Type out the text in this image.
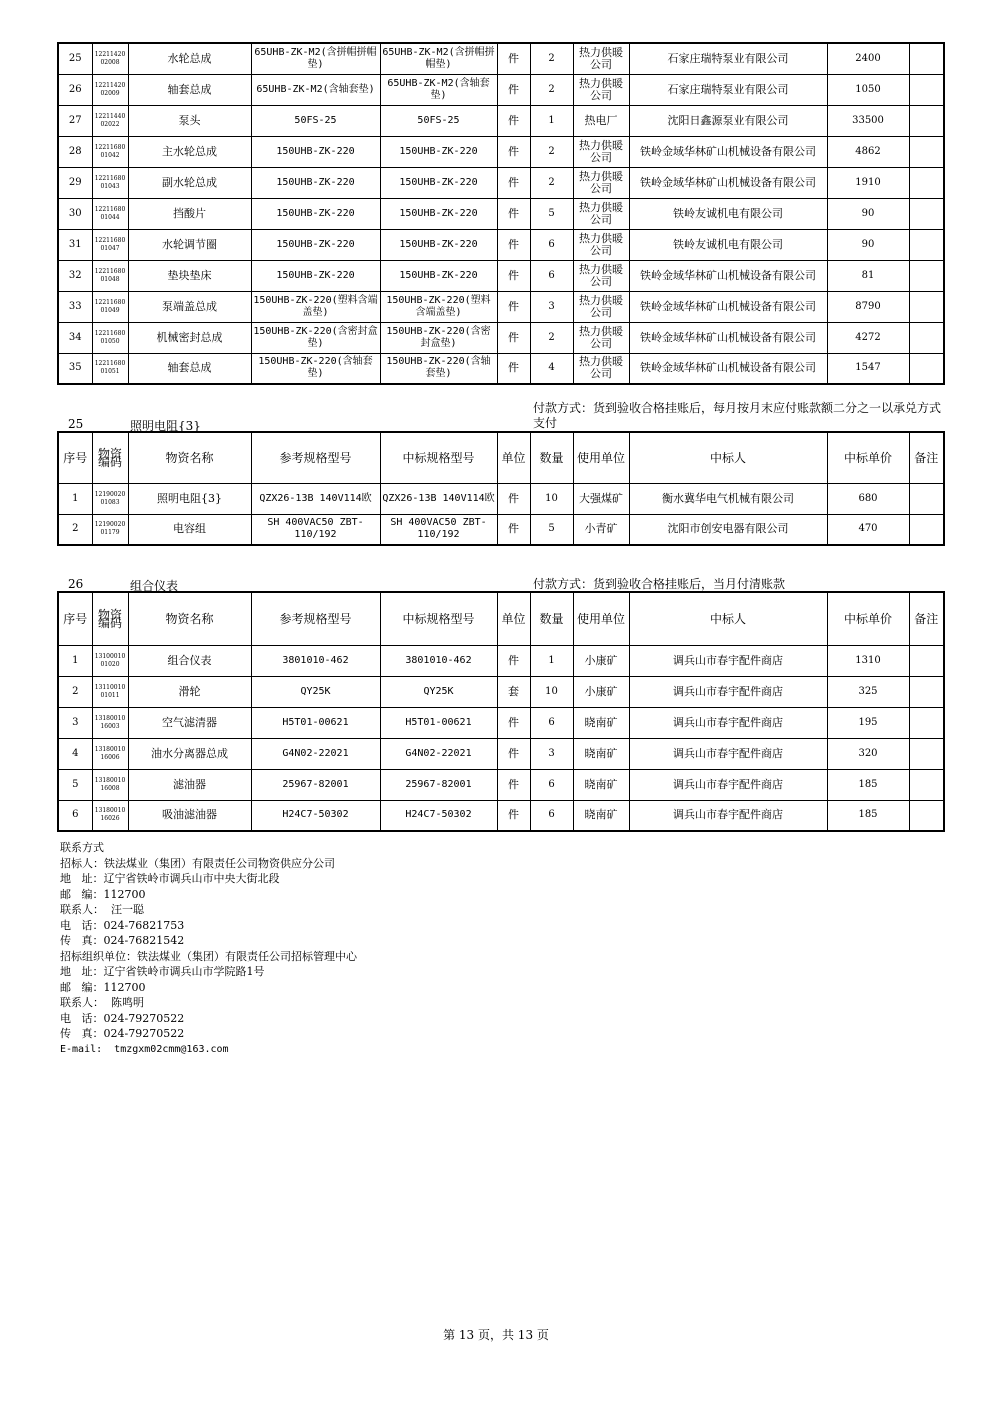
25	1221142002008	水轮总成	65UHB-ZK-M2(含拼帽拼帽垫)	65UHB-ZK-M2(含拼帽拼帽垫)	件	2	热力供暖公司	石家庄瑞特泵业有限公司	2400	
26	1221142002009	轴套总成	65UHB-ZK-M2(含轴套垫)	65UHB-ZK-M2(含轴套垫)	件	2	热力供暖公司	石家庄瑞特泵业有限公司	1050	
27	1221144002022	泵头	50FS-25	50FS-25	件	1	热电厂	沈阳日鑫源泵业有限公司	33500	
28	1221168001042	主水轮总成	150UHB-ZK-220	150UHB-ZK-220	件	2	热力供暖公司	铁岭金域华林矿山机械设备有限公司	4862	
29	1221168001043	副水轮总成	150UHB-ZK-220	150UHB-ZK-220	件	2	热力供暖公司	铁岭金域华林矿山机械设备有限公司	1910	
30	1221168001044	挡酸片	150UHB-ZK-220	150UHB-ZK-220	件	5	热力供暖公司	铁岭友诚机电有限公司	90	
31	1221168001047	水轮调节圈	150UHB-ZK-220	150UHB-ZK-220	件	6	热力供暖公司	铁岭友诚机电有限公司	90	
32	1221168001048	垫块垫床	150UHB-ZK-220	150UHB-ZK-220	件	6	热力供暖公司	铁岭金域华林矿山机械设备有限公司	81	
33	1221168001049	泵端盖总成	150UHB-ZK-220(塑料含端盖垫)	150UHB-ZK-220(塑料含端盖垫)	件	3	热力供暖公司	铁岭金域华林矿山机械设备有限公司	8790	
34	1221168001050	机械密封总成	150UHB-ZK-220(含密封盒垫)	150UHB-ZK-220(含密封盒垫)	件	2	热力供暖公司	铁岭金域华林矿山机械设备有限公司	4272	
35	1221168001051	轴套总成	150UHB-ZK-220(含轴套垫)	150UHB-ZK-220(含轴套垫)	件	4	热力供暖公司	铁岭金域华林矿山机械设备有限公司	1547	
25	照明电阻{3}
付款方式：货到验收合格挂账后，每月按月末应付账款额二分之一以承兑方式支付
序号	物资编码	物资名称	参考规格型号	中标规格型号	单位	数量	使用单位	中标人	中标单价	备注
1	1219002001083	照明电阻{3}	QZX26-13B 140V114欧	QZX26-13B 140V114欧	件	10	大强煤矿	衡水冀华电气机械有限公司	680	
2	1219002001179	电容组	SH 400VAC50 ZBT-110/192	SH 400VAC50 ZBT-110/192	件	5	小青矿	沈阳市创安电器有限公司	470	
26	组合仪表	付款方式：货到验收合格挂账后，当月付清账款
序号	物资编码	物资名称	参考规格型号	中标规格型号	单位	数量	使用单位	中标人	中标单价	备注
1	1310001001020	组合仪表	3801010-462	3801010-462	件	1	小康矿	调兵山市春宇配件商店	1310	
2	1311001001011	滑轮	QY25K	QY25K	套	10	小康矿	调兵山市春宇配件商店	325	
3	1318001016003	空气滤清器	H5T01-00621	H5T01-00621	件	6	晓南矿	调兵山市春宇配件商店	195	
4	1318001016006	油水分离器总成	G4N02-22021	G4N02-22021	件	3	晓南矿	调兵山市春宇配件商店	320	
5	1318001016008	滤油器	25967-82001	25967-82001	件	6	晓南矿	调兵山市春宇配件商店	185	
6	1318001016026	吸油滤油器	H24C7-50302	H24C7-50302	件	6	晓南矿	调兵山市春宇配件商店	185	
联系方式
招标人：铁法煤业（集团）有限责任公司物资供应分公司
地   址：辽宁省铁岭市调兵山市中央大街北段
邮   编：112700
联系人：  汪一聪
电   话：024-76821753
传   真：024-76821542
招标组织单位：铁法煤业（集团）有限责任公司招标管理中心
地   址：辽宁省铁岭市调兵山市学院路1号
邮   编：112700
联系人：  陈鸣明
电   话：024-79270522
传   真：024-79270522
E-mail:  tmzgxm02cmm@163.com
第 13 页，共 13 页
